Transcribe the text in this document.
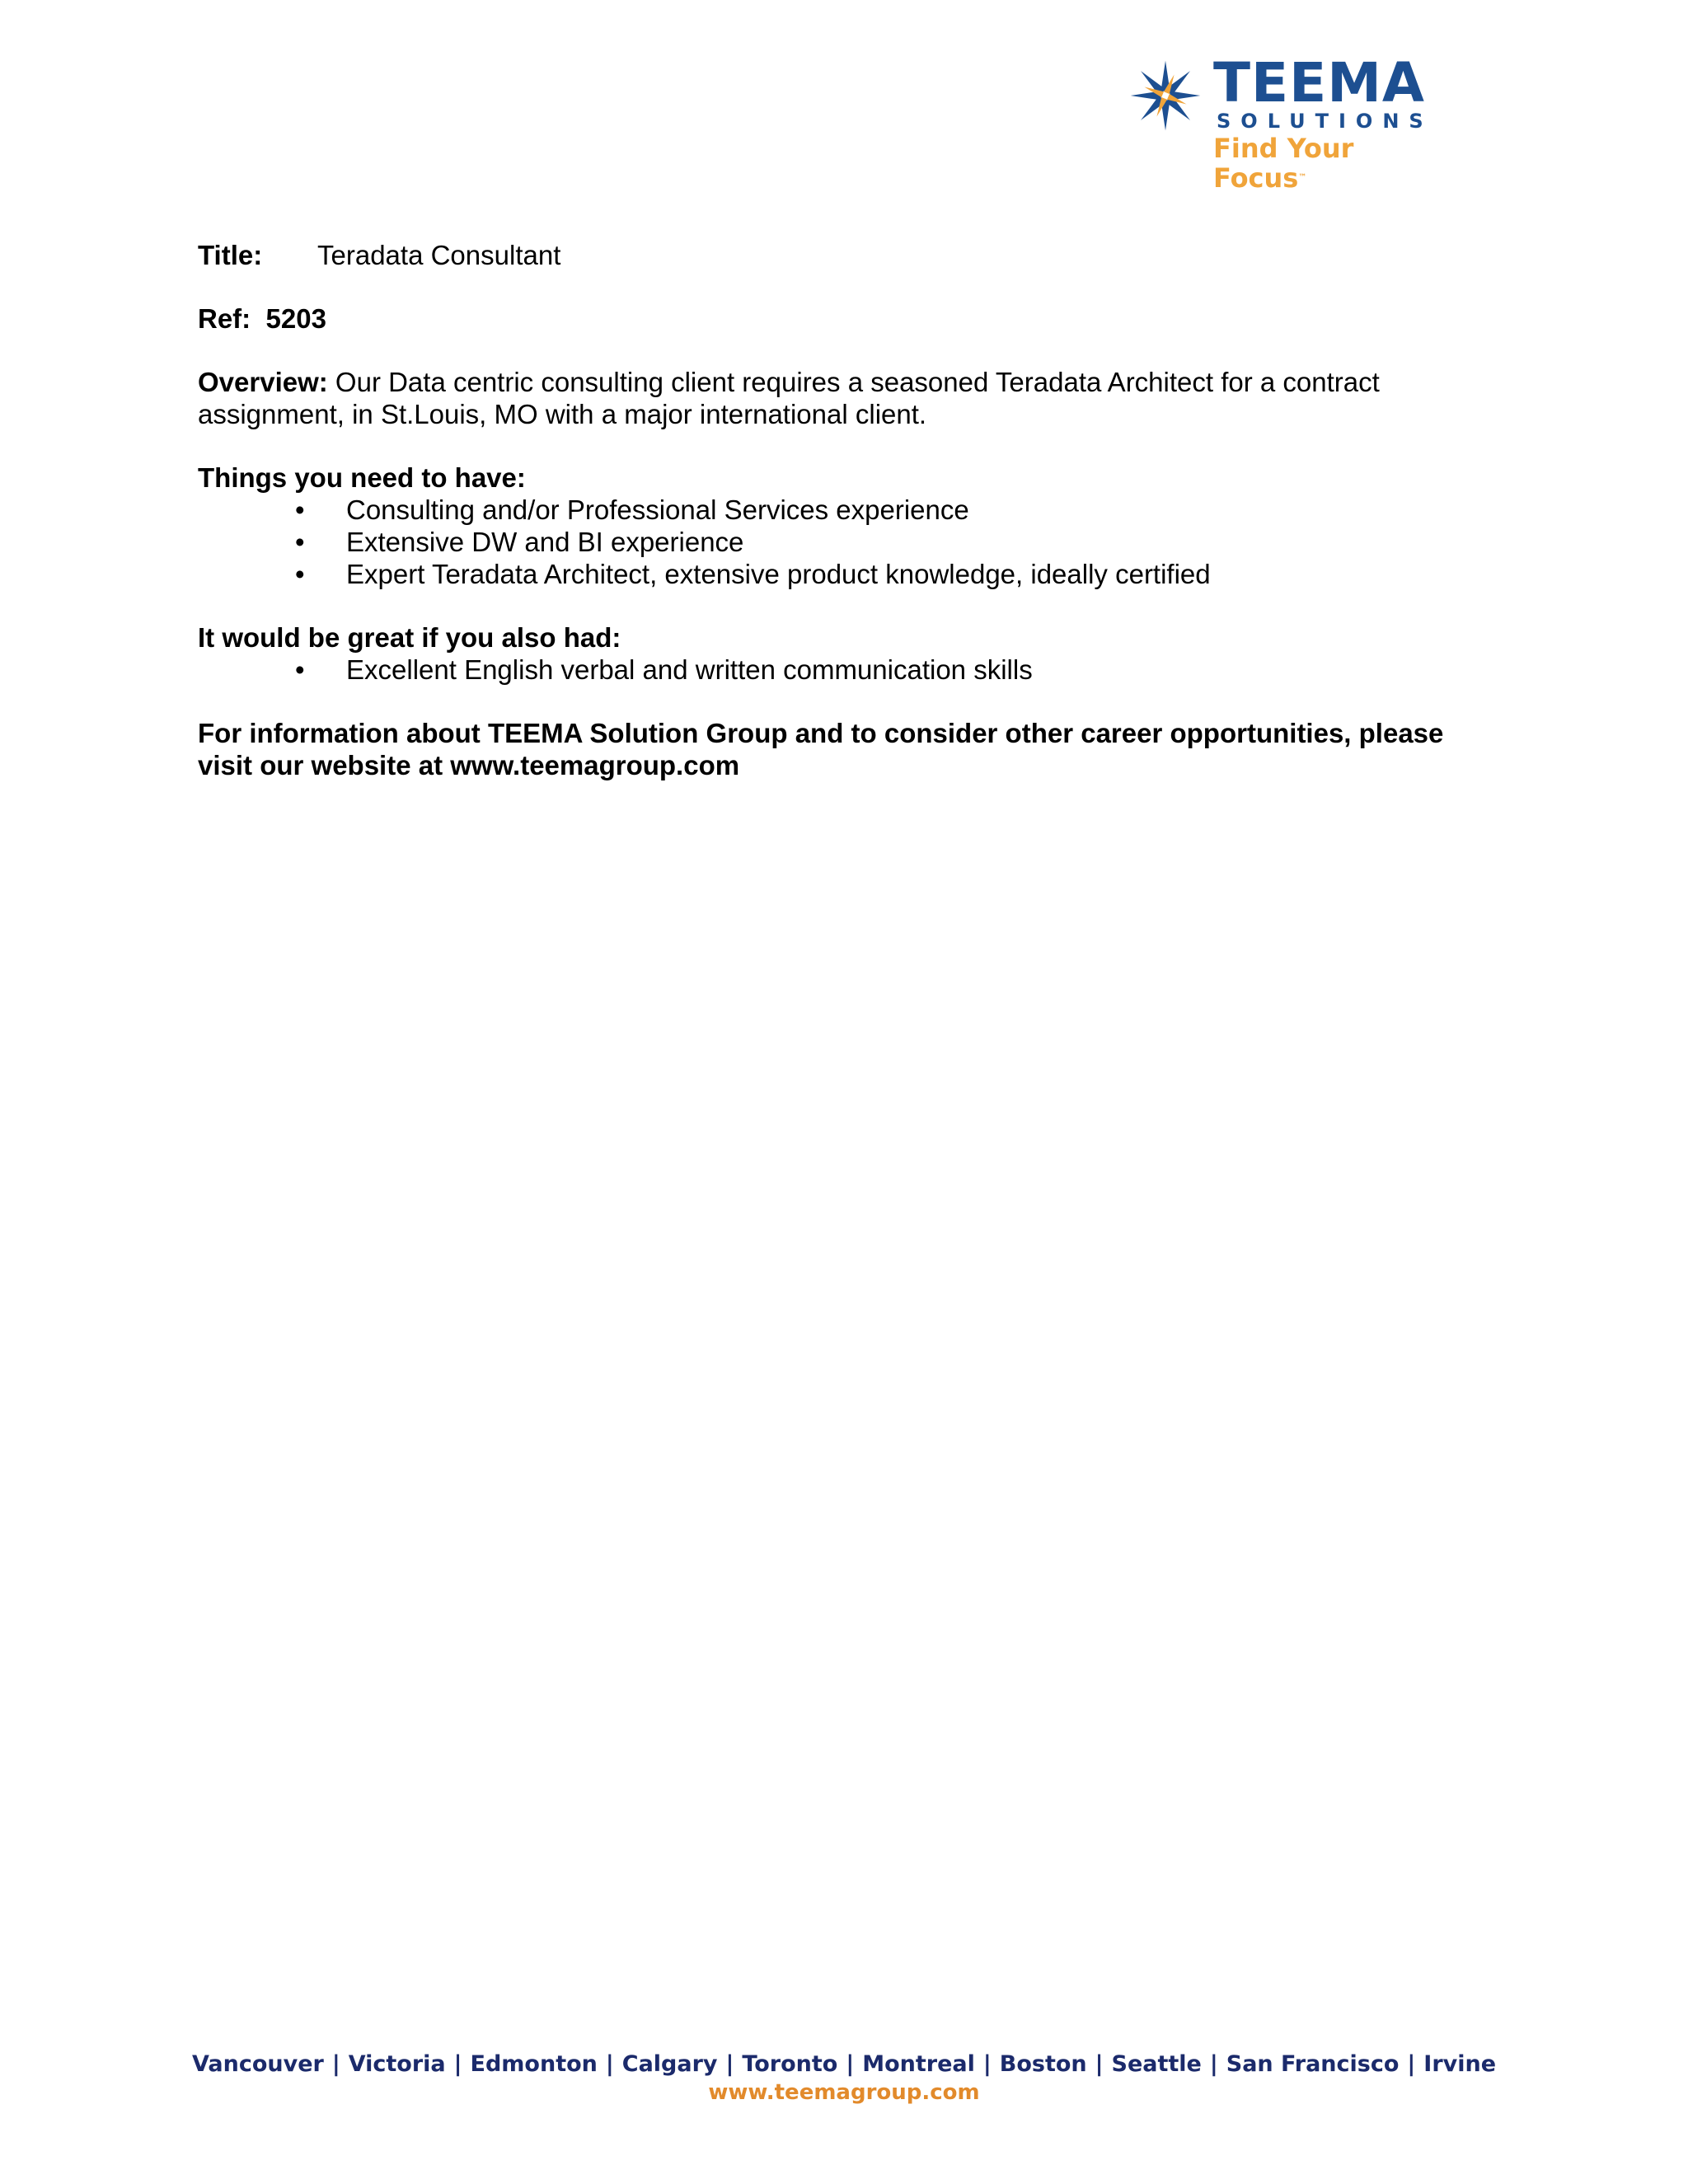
TEEMA
SOLUTIONS
Find Your Focus™
Title:	Teradata Consultant
Ref: 5203
Overview: Our Data centric consulting client requires a seasoned Teradata Architect for a contract assignment, in St.Louis, MO with a major international client.
Things you need to have:
• Consulting and/or Professional Services experience
• Extensive DW and BI experience
• Expert Teradata Architect, extensive product knowledge, ideally certified
It would be great if you also had:
• Excellent English verbal and written communication skills
For information about TEEMA Solution Group and to consider other career opportunities, please visit our website at www.teemagroup.com
Vancouver | Victoria | Edmonton | Calgary | Toronto | Montreal | Boston | Seattle | San Francisco | Irvine
www.teemagroup.com
